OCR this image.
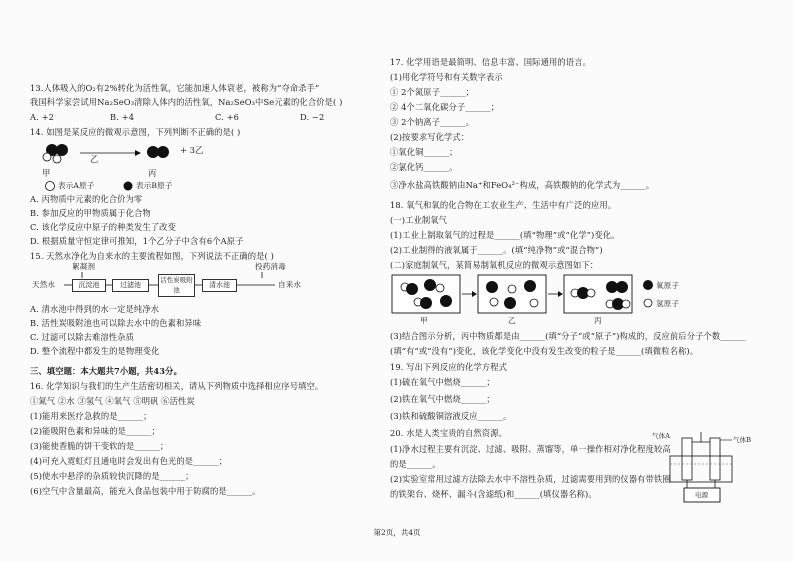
13.人体吸入的O₂有2%转化为活性氧，它能加速人体衰老，被称为“夺命杀手”
我国科学家尝试用Na₂SeO₃清除人体内的活性氧，Na₂SeO₃中Se元素的化合价是( )
A. +2	B. +4	C. +6	D. −2
14. 如图是某反应的微观示意图，下列判断不正确的是( )
甲
乙
丙
+ 3乙
表示A原子	表示B原子
A. 丙物质中元素的化合价为零
B. 参加反应的甲物质属于化合物
C. 该化学反应中原子的种类发生了改变
D. 根据质量守恒定律可推知，1个乙分子中含有6个A原子
15. 天然水净化为自来水的主要流程如图，下列说法不正确的是( )
絮凝剂	投药消毒
天然水	沉淀池	过滤池
活性炭吸附池
清水池	自来水
A. 清水池中得到的水一定是纯净水
B. 活性炭吸附池也可以除去水中的色素和异味
C. 过滤可以除去难溶性杂质
D. 整个流程中都发生的是物理变化
三、填空题：本大题共7小题，共43分。
16. 化学知识与我们的生产生活密切相关，请从下列物质中选择相应序号填空。
①氮气 ②水 ③氢气 ④氧气 ⑤明矾 ⑥活性炭
(1)能用来医疗急救的是______；
(2)能吸附色素和异味的是______；
(3)能使香脆的饼干变软的是______；
(4)可充入霓虹灯且通电时会发出有色光的是______；
(5)使水中悬浮的杂质较快沉降的是______；
(6)空气中含量最高，能充入食品包装中用于防腐的是______。
17. 化学用语是最简明、信息丰富、国际通用的语言。
(1)用化学符号和有关数字表示
① 2个氮原子______；
② 4个二氧化碳分子______；
③ 2个钠离子______。
(2)按要求写化学式：
①氧化铜______；
②氯化钙______。
③净水盐高铁酸钠由Na⁺和FeO₄²⁻构成，高铁酸钠的化学式为______。
18. 氧气和氧的化合物在工农业生产、生活中有广泛的应用。
(一)工业制氧气
(1)工业上制取氧气的过程是______(填“物理”或“化学”)变化。
(2)工业制得的液氧属于______。(填“纯净物”或“混合物”)
(二)家庭制氧气，某简易制氧机反应的微观示意图如下：
氧原子
氢原子
甲	乙	丙
(3)结合图示分析，丙中物质都是由______(填“分子”或“原子”)构成的，反应前后分子个数______
(填“有”或“没有”)变化，该化学变化中没有发生改变的粒子是______(填微粒名称)。
19. 写出下列反应的化学方程式
(1)硫在氧气中燃烧______；
(2)铁在氧气中燃烧______；
(3)铁和硫酸铜溶液反应______。
20. 水是人类宝贵的自然资源。
(1)净水过程主要有沉淀、过滤、吸附、蒸馏等，单一操作相对净化程度较高
的是______。
(2)实验室常用过滤方法除去水中不溶性杂质，过滤需要用到的仪器有带铁圈
的铁架台、烧杯、漏斗(含滤纸)和______(填仪器名称)。
气体A	气体B
电源
第2页，共4页
